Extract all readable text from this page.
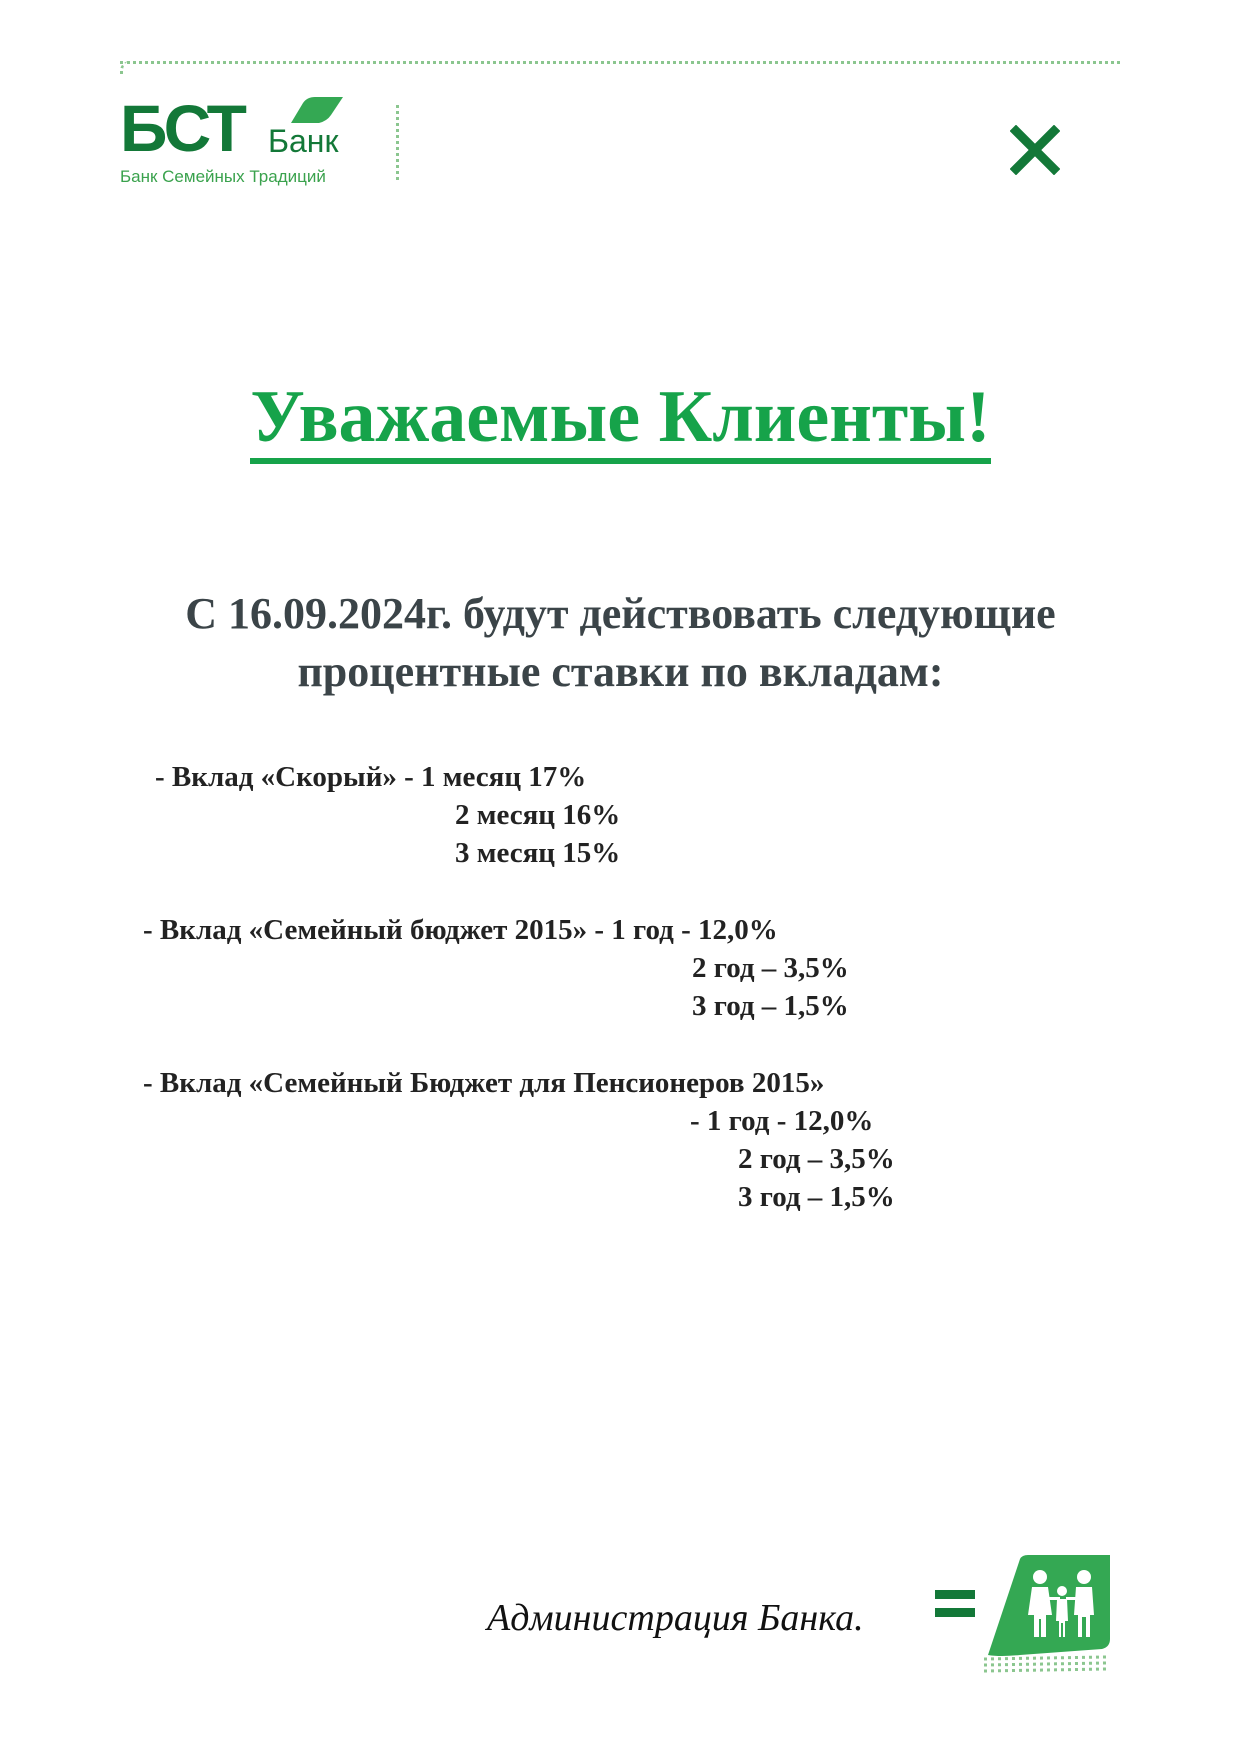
БСТ Банк
Банк Семейных Традиций
Уважаемые Клиенты!
С 16.09.2024г. будут действовать следующие
процентные ставки по вкладам:
- Вклад «Скорый» - 1 месяц 17%
2 месяц 16%
3 месяц 15%
- Вклад «Семейный бюджет 2015» - 1 год - 12,0%
2 год – 3,5%
3 год – 1,5%
- Вклад «Семейный Бюджет для Пенсионеров 2015»
- 1 год - 12,0%
2 год – 3,5%
3 год – 1,5%
Администрация Банка.
